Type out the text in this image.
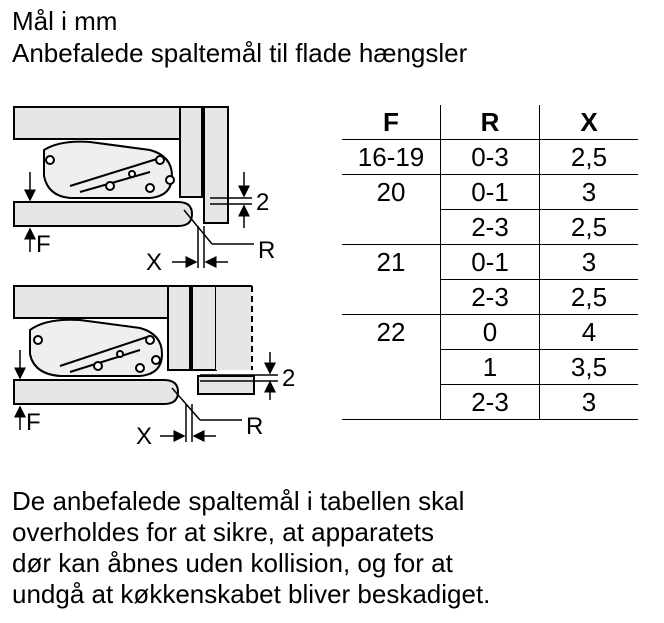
Mål i mm
Anbefalede spaltemål til flade hængsler
F
2
X	R
F
2
X	R
F	R	X
16-19	0-3	2,5
20	0-1	3
	2-3	2,5
21	0-1	3
	2-3	2,5
22	0	4
	1	3,5
	2-3	3
De anbefalede spaltemål i tabellen skal
overholdes for at sikre, at apparatets
dør kan åbnes uden kollision, og for at
undgå at køkkenskabet bliver beskadiget.
